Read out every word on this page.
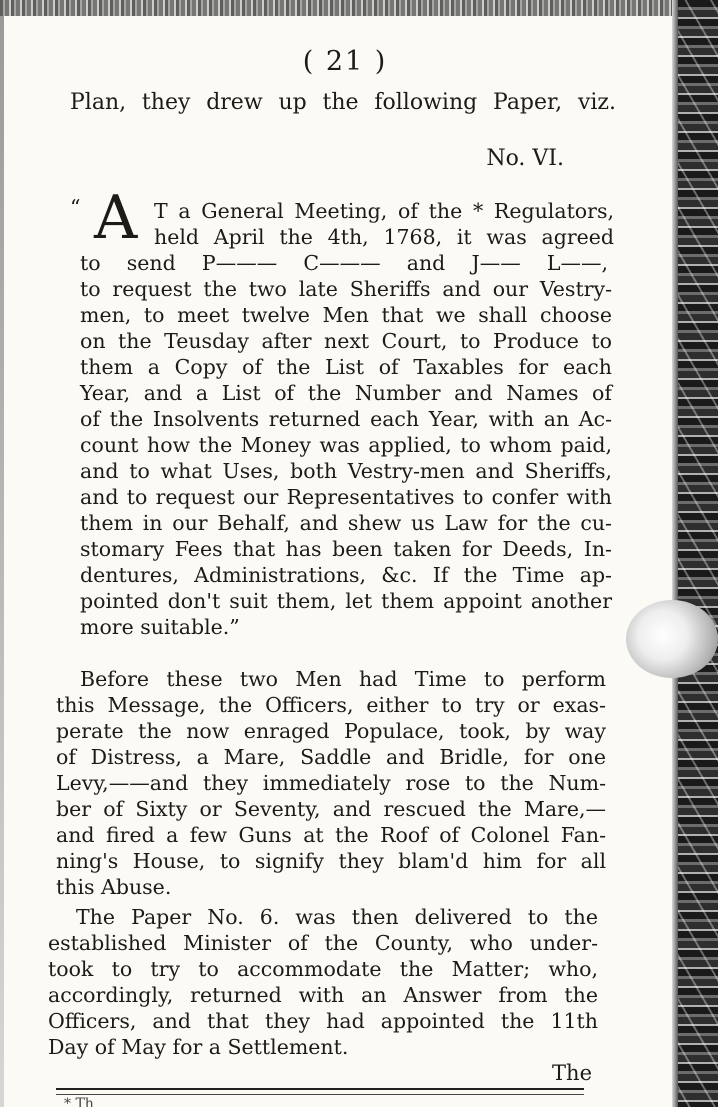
( 21 )
Plan, they drew up the following Paper, viz.
No. VI.
“ A T a General Meeting, of the * Regulators,
held April the 4th, 1768, it was agreed
to send P——— C——— and J—— L——,
to request the two late Sheriffs and our Vestry-
men, to meet twelve Men that we shall choose
on the Teusday after next Court, to Produce to
them a Copy of the List of Taxables for each
Year, and a List of the Number and Names of
of the Insolvents returned each Year, with an Ac-
count how the Money was applied, to whom paid,
and to what Uses, both Vestry-men and Sheriffs,
and to request our Representatives to confer with
them in our Behalf, and shew us Law for the cu-
stomary Fees that has been taken for Deeds, In-
dentures, Administrations, &c. If the Time ap-
pointed don't suit them, let them appoint another
more suitable.”
Before these two Men had Time to perform
this Message, the Officers, either to try or exas-
perate the now enraged Populace, took, by way
of Distress, a Mare, Saddle and Bridle, for one
Levy,——and they immediately rose to the Num-
ber of Sixty or Seventy, and rescued the Mare,—
and fired a few Guns at the Roof of Colonel Fan-
ning's House, to signify they blam'd him for all
this Abuse.
The Paper No. 6. was then delivered to the
established Minister of the County, who under-
took to try to accommodate the Matter; who,
accordingly, returned with an Answer from the
Officers, and that they had appointed the 11th
Day of May for a Settlement.
The
* Th
